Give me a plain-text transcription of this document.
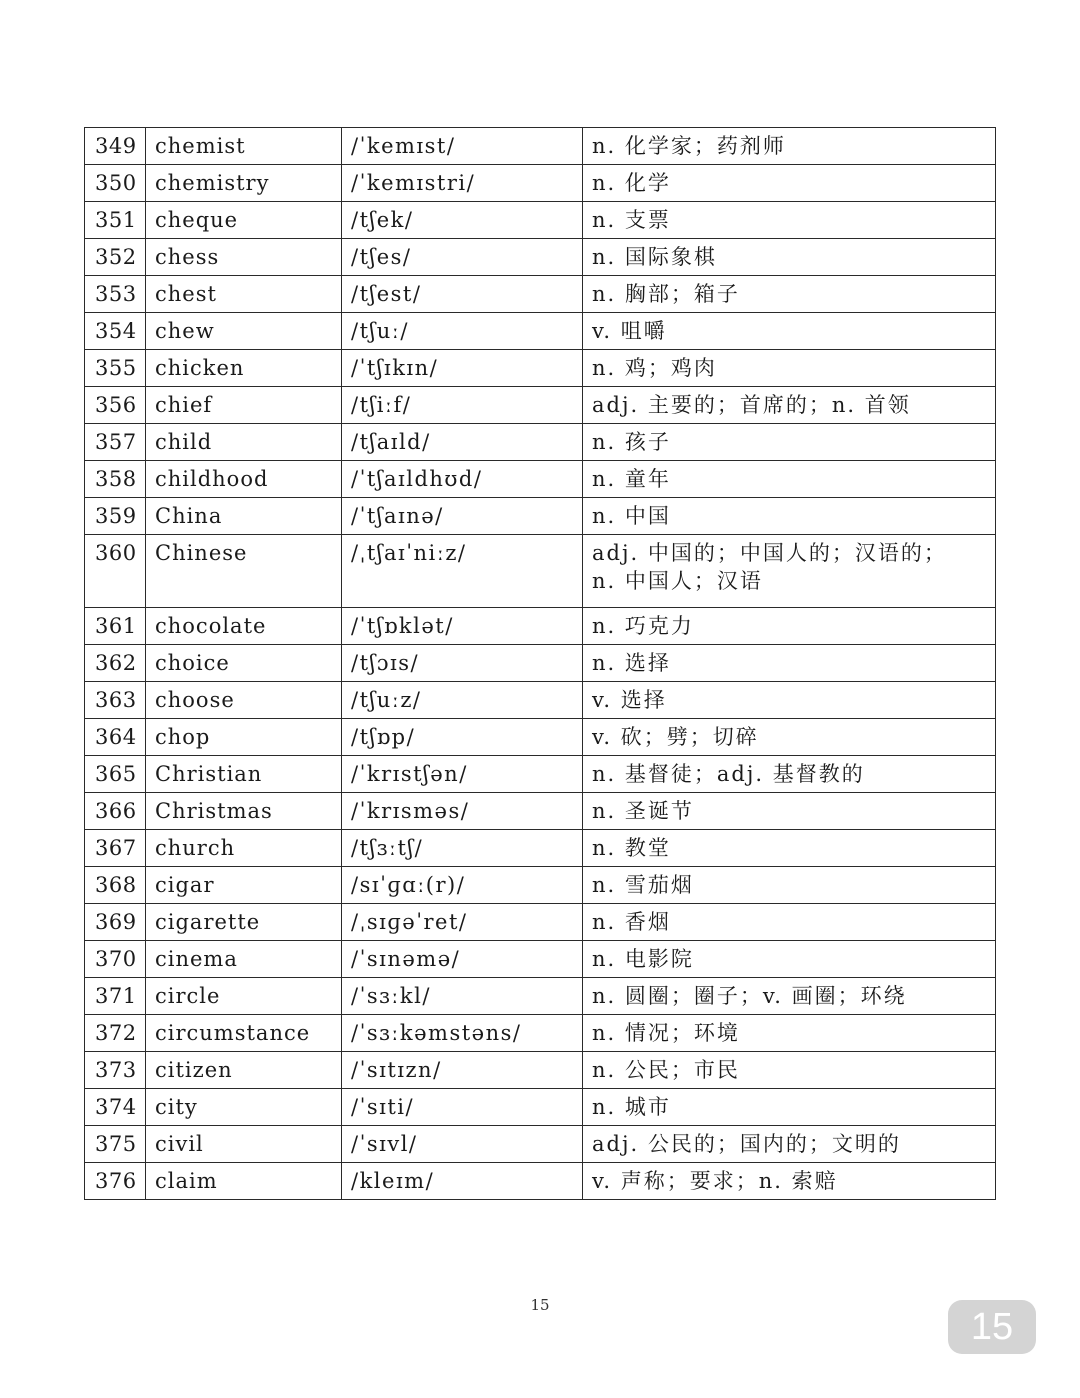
349	chemist	/ˈkemɪst/	n. 化学家；药剂师
350	chemistry	/ˈkemɪstri/	n. 化学
351	cheque	/tʃek/	n. 支票
352	chess	/tʃes/	n. 国际象棋
353	chest	/tʃest/	n. 胸部；箱子
354	chew	/tʃuː/	v. 咀嚼
355	chicken	/ˈtʃɪkɪn/	n. 鸡；鸡肉
356	chief	/tʃiːf/	adj. 主要的；首席的；n. 首领
357	child	/tʃaɪld/	n. 孩子
358	childhood	/ˈtʃaɪldhʊd/	n. 童年
359	China	/ˈtʃaɪnə/	n. 中国
360	Chinese	/ˌtʃaɪˈniːz/	adj. 中国的；中国人的；汉语的；
n. 中国人；汉语
361	chocolate	/ˈtʃɒklət/	n. 巧克力
362	choice	/tʃɔɪs/	n. 选择
363	choose	/tʃuːz/	v. 选择
364	chop	/tʃɒp/	v. 砍；劈；切碎
365	Christian	/ˈkrɪstʃən/	n. 基督徒；adj. 基督教的
366	Christmas	/ˈkrɪsməs/	n. 圣诞节
367	church	/tʃɜːtʃ/	n. 教堂
368	cigar	/sɪˈɡɑː(r)/	n. 雪茄烟
369	cigarette	/ˌsɪɡəˈret/	n. 香烟
370	cinema	/ˈsɪnəmə/	n. 电影院
371	circle	/ˈsɜːkl/	n. 圆圈；圈子；v. 画圈；环绕
372	circumstance	/ˈsɜːkəmstəns/	n. 情况；环境
373	citizen	/ˈsɪtɪzn/	n. 公民；市民
374	city	/ˈsɪti/	n. 城市
375	civil	/ˈsɪvl/	adj. 公民的；国内的；文明的
376	claim	/kleɪm/	v. 声称；要求；n. 索赔
15
15
